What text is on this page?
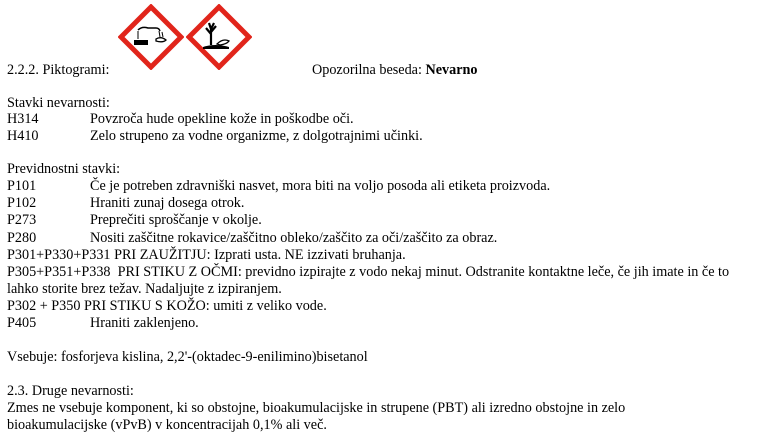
2.2.2. Piktogrami:	Opozorilna beseda: Nevarno
Stavki nevarnosti:
H314	Povzroča hude opekline kože in poškodbe oči.
H410	Zelo strupeno za vodne organizme, z dolgotrajnimi učinki.
Previdnostni stavki:
P101	Če je potreben zdravniški nasvet, mora biti na voljo posoda ali etiketa proizvoda.
P102	Hraniti zunaj dosega otrok.
P273	Preprečiti sproščanje v okolje.
P280	Nositi zaščitne rokavice/zaščitno obleko/zaščito za oči/zaščito za obraz.
P301+P330+P331 PRI ZAUŽITJU: Izprati usta. NE izzivati bruhanja.
P305+P351+P338  PRI STIKU Z OČMI: previdno izpirajte z vodo nekaj minut. Odstranite kontaktne leče, če jih imate in če to
lahko storite brez težav. Nadaljujte z izpiranjem.
P302 + P350 PRI STIKU S KOŽO: umiti z veliko vode.
P405	Hraniti zaklenjeno.
Vsebuje: fosforjeva kislina, 2,2'-(oktadec-9-enilimino)bisetanol
2.3. Druge nevarnosti:
Zmes ne vsebuje komponent, ki so obstojne, bioakumulacijske in strupene (PBT) ali izredno obstojne in zelo
bioakumulacijske (vPvB) v koncentracijah 0,1% ali več.
